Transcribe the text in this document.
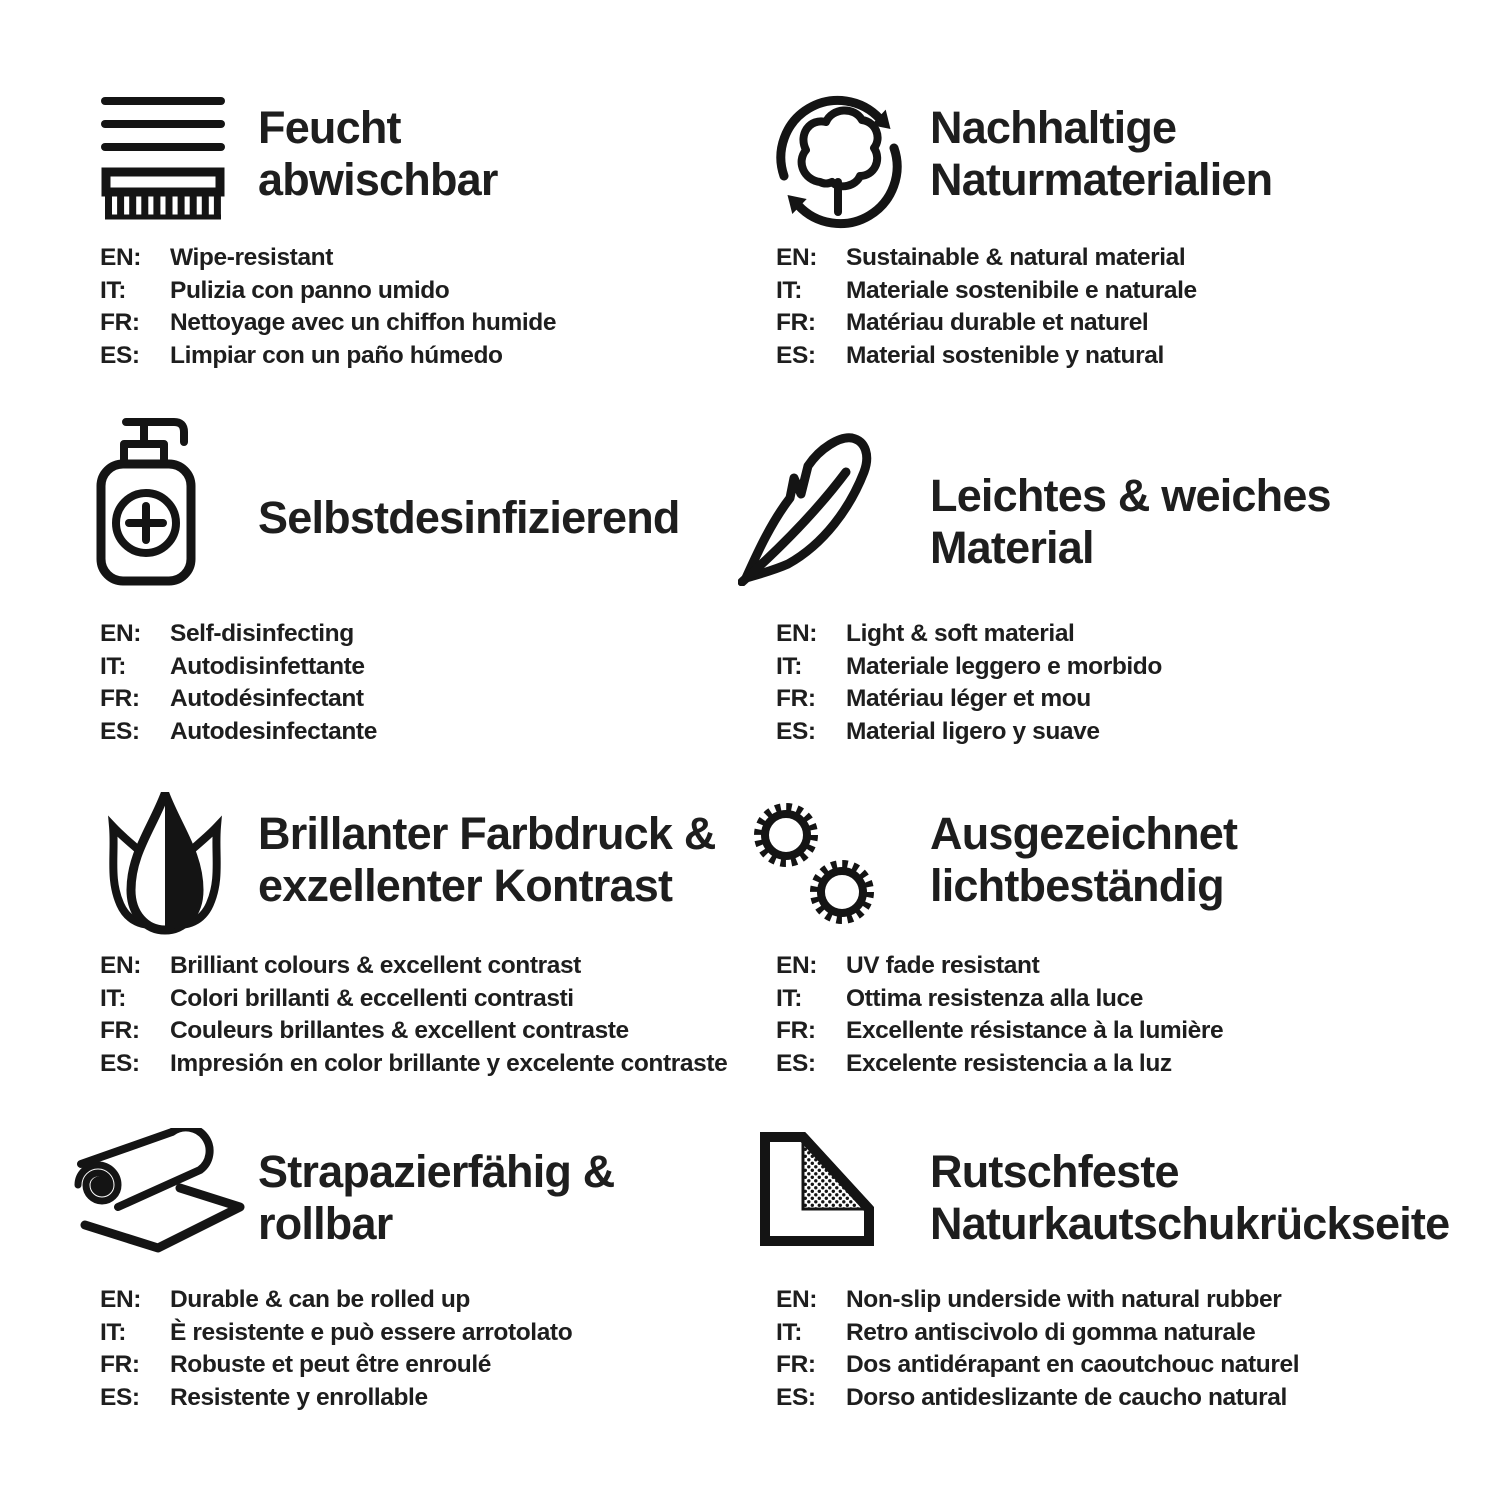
Feucht
abwischbar
EN:	Wipe-resistant
IT:	Pulizia con panno umido
FR:	Nettoyage avec un chiffon humide
ES:	Limpiar con un paño húmedo
Nachhaltige
Naturmaterialien
EN:	Sustainable & natural material
IT:	Materiale sostenibile e naturale
FR:	Matériau durable et naturel
ES:	Material sostenible y natural
Selbstdesinfizierend
EN:	Self-disinfecting
IT:	Autodisinfettante
FR:	Autodésinfectant
ES:	Autodesinfectante
Leichtes & weiches
Material
EN:	Light & soft material
IT:	Materiale leggero e morbido
FR:	Matériau léger et mou
ES:	Material ligero y suave
Brillanter Farbdruck &
exzellenter Kontrast
EN:	Brilliant colours & excellent contrast
IT:	Colori brillanti & eccellenti contrasti
FR:	Couleurs brillantes & excellent contraste
ES:	Impresión en color brillante y excelente contraste
Ausgezeichnet
lichtbeständig
EN:	UV fade resistant
IT:	Ottima resistenza alla luce
FR:	Excellente résistance à la lumière
ES:	Excelente resistencia a la luz
Strapazierfähig &
rollbar
EN:	Durable & can be rolled up
IT:	È resistente e può essere arrotolato
FR:	Robuste et peut être enroulé
ES:	Resistente y enrollable
Rutschfeste
Naturkautschukrückseite
EN:	Non-slip underside with natural rubber
IT:	Retro antiscivolo di gomma naturale
FR:	Dos antidérapant en caoutchouc naturel
ES:	Dorso antideslizante de caucho natural
